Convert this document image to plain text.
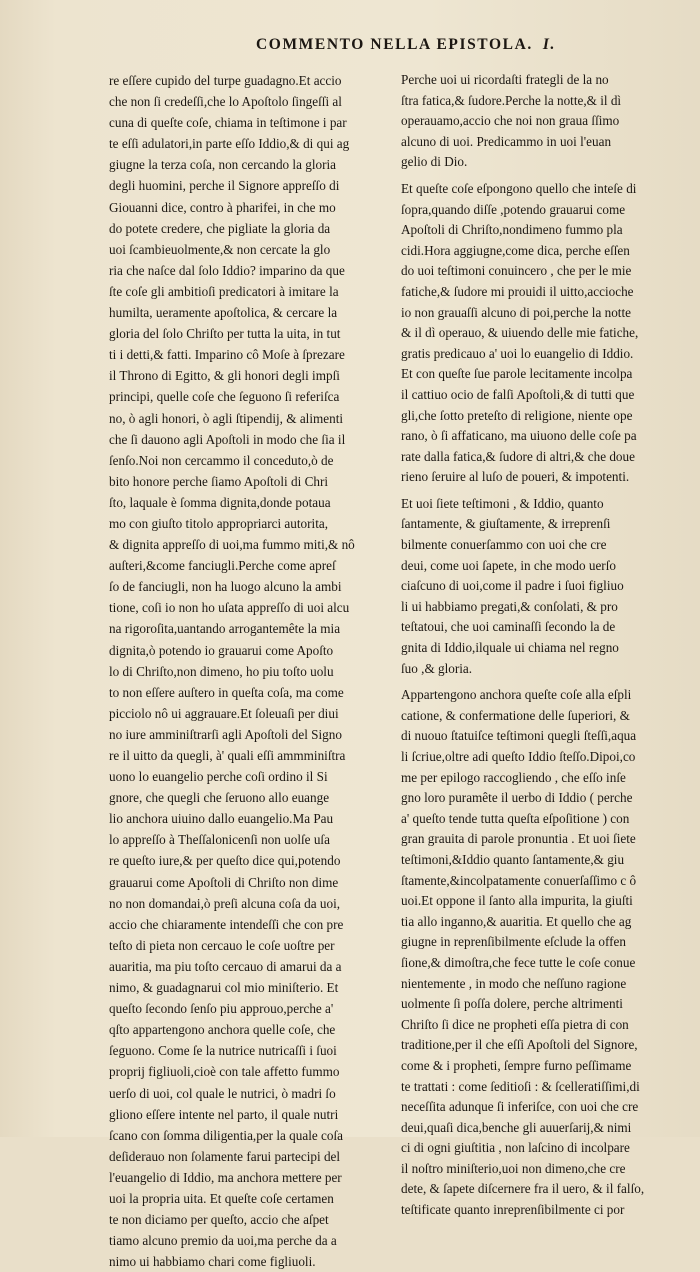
COMMENTO NELLA EPISTOLA. I.
re eſſere cupido del turpe guadagno.Et accio
che non ſi credeſſi,che lo Apoſtolo ſingeſſi al
cuna di queſte coſe, chiama in teſtimone i par
te eſſi adulatori,in parte eſſo Iddio,& di qui ag
giugne la terza coſa, non cercando la gloria
degli huomini, perche il Signore appreſſo di
Giouanni dice, contro à pharifei, in che mo
do potete credere, che pigliate la gloria da
uoi ſcambieuolmente,& non cercate la glo
ria che naſce dal ſolo Iddio? imparino da que
ſte coſe gli ambitioſi predicatori à imitare la
humilta, ueramente apoſtolica, & cercare la
gloria del ſolo Chriſto per tutta la uita, in tut
ti i detti,& fatti. Imparino cô Moſe à ſprezare
il Throno di Egitto, & gli honori degli impſi
principi, quelle coſe che ſeguono ſi referiſca
no, ò agli honori, ò agli ſtipendij, & alimenti
che ſi dauono agli Apoſtoli in modo che ſia il
ſenſo.Noi non cercammo il conceduto,ò de
bito honore perche ſiamo Apoſtoli di Chri
ſto, laquale è ſomma dignita,donde potaua
mo con giuſto titolo appropriarci autorita,
& dignita appreſſo di uoi,ma fummo miti,& nô
auſteri,&come fanciugli.Perche come apreſ
ſo de fanciugli, non ha luogo alcuno la ambi
tione, coſi io non ho uſata appreſſo di uoi alcu
na rigoroſita,uantando arrogantemête la mia
dignita,ò potendo io grauarui come Apoſto
lo di Chriſto,non dimeno, ho piu toſto uolu
to non eſſere auſtero in queſta coſa, ma come
picciolo nô ui aggrauare.Et ſoleuaſi per diui
no iure amminiſtrarſi agli Apoſtoli del Signo
re il uitto da quegli, à' quali eſſi ammminiſtra
uono lo euangelio perche coſi ordino il Si
gnore, che quegli che ſeruono allo euange
lio anchora uiuino dallo euangelio.Ma Pau
lo appreſſo à Theſſalonicenſi non uolſe uſa
re queſto iure,& per queſto dice qui,potendo
grauarui come Apoſtoli di Chriſto non dime
no non domandai,ò preſi alcuna coſa da uoi,
accio che chiaramente intendeſſi che con pre
teſto di pieta non cercauo le coſe uoſtre per
auaritia, ma piu toſto cercauo di amarui da a
nimo, & guadagnarui col mio miniſterio. Et
queſto ſecondo ſenſo piu approuo,perche a'
qſto appartengono anchora quelle coſe, che
ſeguono. Come ſe la nutrice nutricaſſi i ſuoi
proprij figliuoli,cioè con tale affetto fummo
uerſo di uoi, col quale le nutrici, ò madri ſo
gliono eſſere intente nel parto, il quale nutri
ſcano con ſomma diligentia,per la quale coſa
deſiderauo non ſolamente farui partecipi del
l'euangelio di Iddio, ma anchora mettere per
uoi la propria uita. Et queſte coſe certamen
te non diciamo per queſto, accio che aſpet
tiamo alcuno premio da uoi,ma perche da a
nimo ui habbiamo chari come figliuoli.
Perche uoi ui ricordaſti frategli de la no
ſtra fatica,& ſudore.Perche la notte,& il dì
operauamo,accio che noi non graua ſſimo
alcuno di uoi. Predicammo in uoi l'euan
gelio di Dio.
Et queſte coſe eſpongono quello che inteſe di
ſopra,quando diſſe ,potendo grauarui come
Apoſtoli di Chriſto,nondimeno fummo pla
cidi.Hora aggiugne,come dica, perche eſſen
do uoi teſtimoni conuincero , che per le mie
fatiche,& ſudore mi prouidi il uitto,accioche
io non grauaſſi alcuno di poi,perche la notte
& il dì operauo, & uiuendo delle mie fatiche,
gratis predicauo a' uoi lo euangelio di Iddio.
Et con queſte ſue parole lecitamente incolpa
il cattiuo ocio de falſi Apoſtoli,& di tutti que
gli,che ſotto preteſto di religione, niente ope
rano, ò ſi affaticano, ma uiuono delle coſe pa
rate dalla fatica,& ſudore di altri,& che doue
rieno ſeruire al luſo de poueri, & impotenti.
Et uoi ſiete teſtimoni , & Iddio, quanto
ſantamente, & giuſtamente, & irreprenſi
bilmente conuerſammo con uoi che cre
deui, come uoi ſapete, in che modo uerſo
ciaſcuno di uoi,come il padre i ſuoi figliuo
li ui habbiamo pregati,& conſolati, & pro
teſtatoui, che uoi caminaſſi ſecondo la de
gnita di Iddio,ilquale ui chiama nel regno
ſuo ,& gloria.
Appartengono anchora queſte coſe alla eſpli
catione, & confermatione delle ſuperiori, &
di nuouo ſtatuiſce teſtimoni quegli ſteſſi,aqua
li ſcriue,oltre adi queſto Iddio ſteſſo.Dipoi,co
me per epilogo raccogliendo , che eſſo inſe
gno loro puramête il uerbo di Iddio ( perche
a' queſto tende tutta queſta eſpoſitione ) con
gran grauita di parole pronuntia . Et uoi ſiete
teſtimoni,&Iddio quanto ſantamente,& giu
ſtamente,&incolpatamente conuerſaſſimo c ô
uoi.Et oppone il ſanto alla impurita, la giuſti
tia allo inganno,& auaritia. Et quello che ag
giugne in reprenſibilmente eſclude la offen
ſione,& dimoſtra,che fece tutte le coſe conue
nientemente , in modo che neſſuno ragione
uolmente ſi poſſa dolere, perche altrimenti
Chriſto ſi dice ne propheti eſſa pietra di con
traditione,per il che eſſi Apoſtoli del Signore,
come & i propheti, ſempre furno peſſimame
te trattati : come ſeditioſi : & ſcelleratiſſimi,di
neceſſita adunque ſi inferiſce, con uoi che cre
deui,quaſi dica,benche gli auuerſarij,& nimi
ci di ogni giuſtitia , non laſcino di incolpare
il noſtro miniſterio,uoi non dimeno,che cre
dete, & ſapete diſcernere fra il uero, & il falſo,
teſtificate quanto inreprenſibilmente ci por
